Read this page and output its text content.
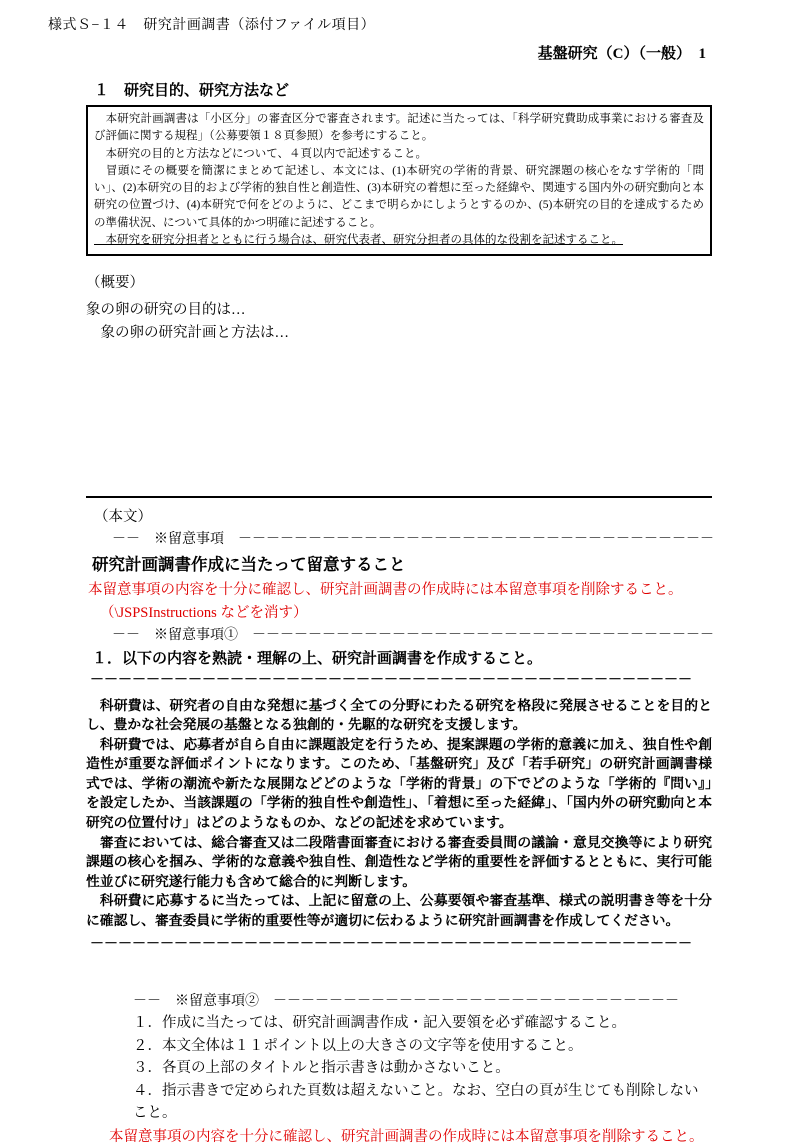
様式Ｓ−１４　研究計画調書（添付ファイル項目）
基盤研究（C）（一般）　1
１　研究目的、研究方法など
　本研究計画調書は「小区分」の審査区分で審査されます。記述に当たっては、「科学研究費助成事業における審査及び評価に関する規程」（公募要領１８頁参照）を参考にすること。
　本研究の目的と方法などについて、４頁以内で記述すること。
　冒頭にその概要を簡潔にまとめて記述し、本文には、(1)本研究の学術的背景、研究課題の核心をなす学術的「問い」、(2)本研究の目的および学術的独自性と創造性、(3)本研究の着想に至った経緯や、関連する国内外の研究動向と本研究の位置づけ、(4)本研究で何をどのように、どこまで明らかにしようとするのか、(5)本研究の目的を達成するための準備状況、について具体的かつ明確に記述すること。
　本研究を研究分担者とともに行う場合は、研究代表者、研究分担者の具体的な役割を記述すること。
（概要）
象の卵の研究の目的は…
　象の卵の研究計画と方法は…
（本文）
－－　※留意事項　－－－－－－－－－－－－－－－－－－－－－－－－－－－－－－－－－－
研究計画調書作成に当たって留意すること
本留意事項の内容を十分に確認し、研究計画調書の作成時には本留意事項を削除すること。
（\JSPSInstructions などを消す）
－－　※留意事項①　－－－－－－－－－－－－－－－－－－－－－－－－－－－－－－－－－
１．以下の内容を熟読・理解の上、研究計画調書を作成すること。
－－－－－－－－－－－－－－－－－－－－－－－－－－－－－－－－－－－－－－－－－－－

　科研費は、研究者の自由な発想に基づく全ての分野にわたる研究を格段に発展させることを目的とし、豊かな社会発展の基盤となる独創的・先駆的な研究を支援します。

　科研費では、応募者が自ら自由に課題設定を行うため、提案課題の学術的意義に加え、独自性や創造性が重要な評価ポイントになります。このため、「基盤研究」及び「若手研究」の研究計画調書様式では、学術の潮流や新たな展開などどのような「学術的背景」の下でどのような「学術的『問い』」を設定したか、当該課題の「学術的独自性や創造性」、「着想に至った経緯」、「国内外の研究動向と本研究の位置付け」はどのようなものか、などの記述を求めています。

　審査においては、総合審査又は二段階書面審査における審査委員間の議論・意見交換等により研究課題の核心を掴み、学術的な意義や独自性、創造性など学術的重要性を評価するとともに、実行可能性並びに研究遂行能力も含めて総合的に判断します。

　科研費に応募するに当たっては、上記に留意の上、公募要領や審査基準、様式の説明書き等を十分に確認し、審査委員に学術的重要性等が適切に伝わるように研究計画調書を作成してください。

－－－－－－－－－－－－－－－－－－－－－－－－－－－－－－－－－－－－－－－－－－－
－－　※留意事項②　－－－－－－－－－－－－－－－－－－－－－－－－－－－－－
１．作成に当たっては、研究計画調書作成・記入要領を必ず確認すること。
２．本文全体は１１ポイント以上の大きさの文字等を使用すること。
３．各頁の上部のタイトルと指示書きは動かさないこと。
４．指示書きで定められた頁数は超えないこと。なお、空白の頁が生じても削除しないこと。
本留意事項の内容を十分に確認し、研究計画調書の作成時には本留意事項を削除すること。
